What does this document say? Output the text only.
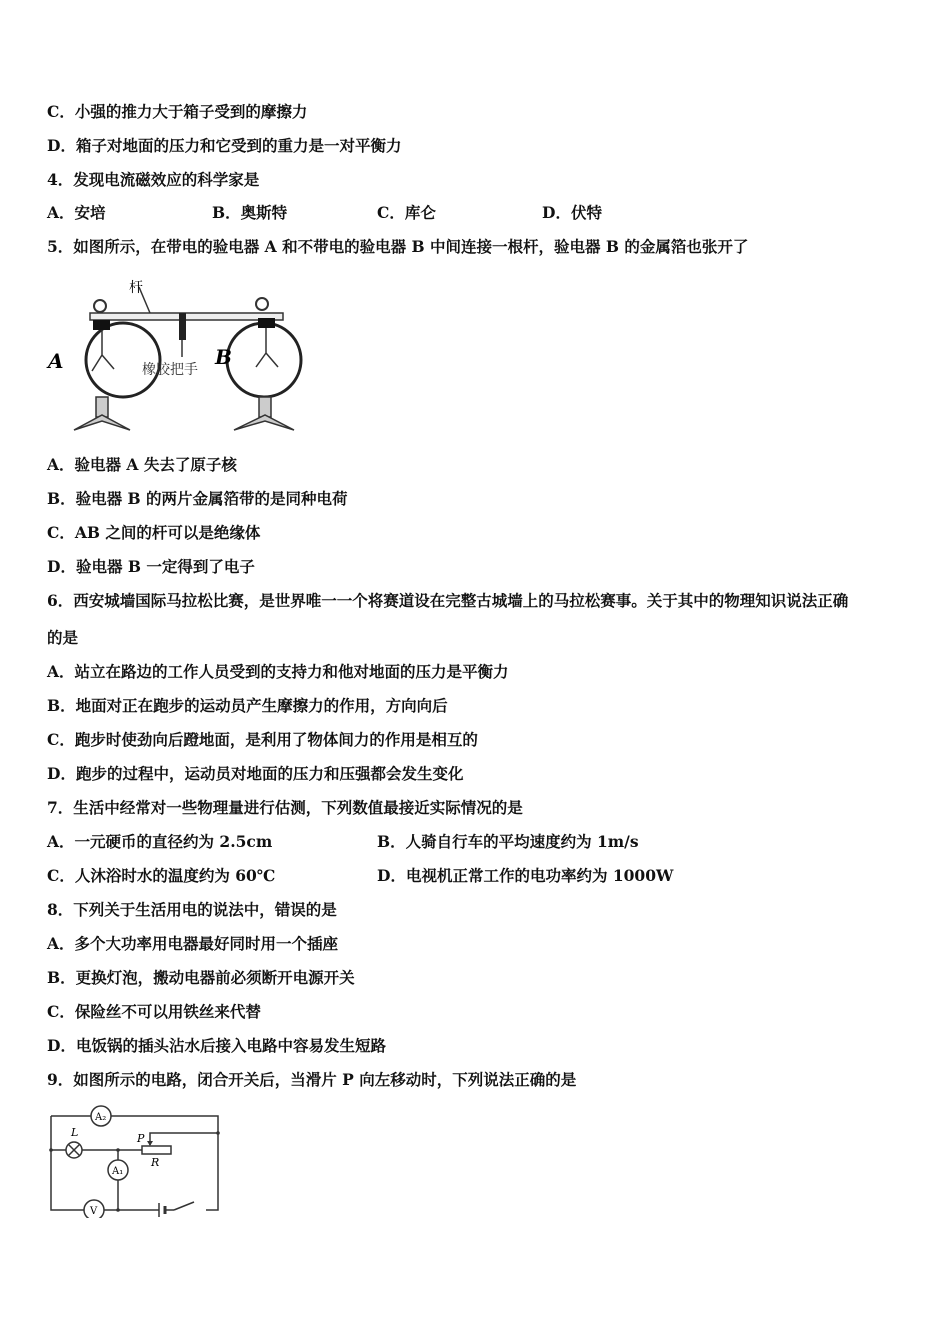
C．小强的推力大于箱子受到的摩擦力
D．箱子对地面的压力和它受到的重力是一对平衡力
4．发现电流磁效应的科学家是
A．安培	B．奥斯特	C．库仑	D．伏特
5．如图所示，在带电的验电器 A 和不带电的验电器 B 中间连接一根杆，验电器 B 的金属箔也张开了
杆
橡胶把手
A	B
A．验电器 A 失去了原子核
B．验电器 B 的两片金属箔带的是同种电荷
C．AB 之间的杆可以是绝缘体
D．验电器 B 一定得到了电子
6．西安城墙国际马拉松比赛，是世界唯一一个将赛道设在完整古城墙上的马拉松赛事。关于其中的物理知识说法正确
的是
A．站立在路边的工作人员受到的支持力和他对地面的压力是平衡力
B．地面对正在跑步的运动员产生摩擦力的作用，方向向后
C．跑步时使劲向后蹬地面，是利用了物体间力的作用是相互的
D．跑步的过程中，运动员对地面的压力和压强都会发生变化
7．生活中经常对一些物理量进行估测，下列数值最接近实际情况的是
A．一元硬币的直径约为 2.5cm	B．人骑自行车的平均速度约为 1m/s
C．人沐浴时水的温度约为 60℃	D．电视机正常工作的电功率约为 1000W
8．下列关于生活用电的说法中，错误的是
A．多个大功率用电器最好同时用一个插座
B．更换灯泡，搬动电器前必须断开电源开关
C．保险丝不可以用铁丝来代替
D．电饭锅的插头沾水后接入电路中容易发生短路
9．如图所示的电路，闭合开关后，当滑片 P 向左移动时，下列说法正确的是
A₂
A₁
V
L	P
R
